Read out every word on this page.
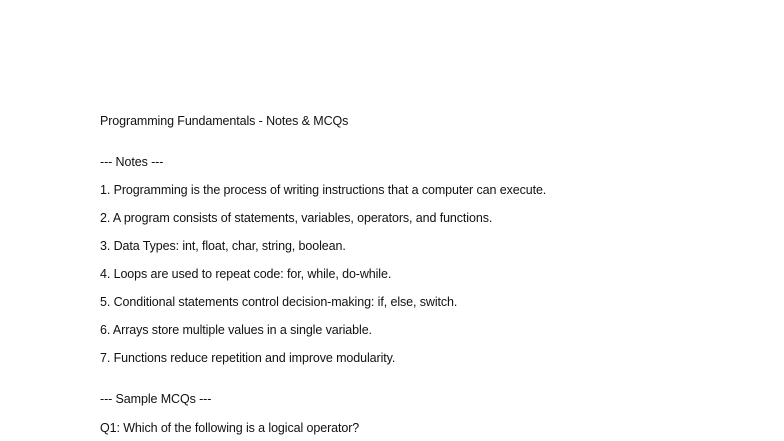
Programming Fundamentals - Notes & MCQs
--- Notes ---
1. Programming is the process of writing instructions that a computer can execute.
2. A program consists of statements, variables, operators, and functions.
3. Data Types: int, float, char, string, boolean.
4. Loops are used to repeat code: for, while, do-while.
5. Conditional statements control decision-making: if, else, switch.
6. Arrays store multiple values in a single variable.
7. Functions reduce repetition and improve modularity.
--- Sample MCQs ---
Q1: Which of the following is a logical operator?
